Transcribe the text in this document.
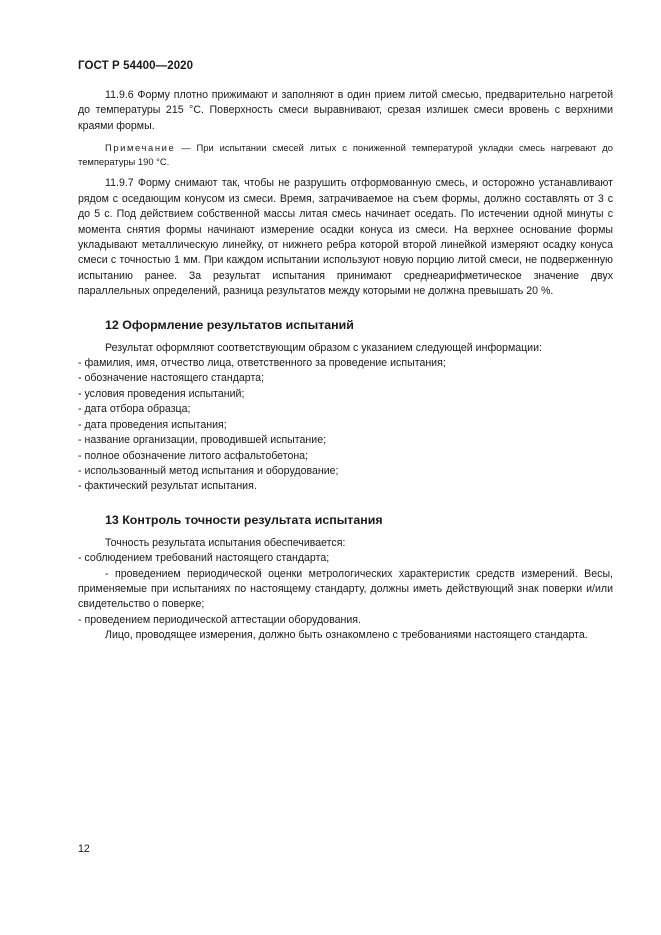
ГОСТ Р 54400—2020

11.9.6 Форму плотно прижимают и заполняют в один прием литой смесью, предварительно нагретой до температуры 215 °С. Поверхность смеси выравнивают, срезая излишек смеси вровень с верхними краями формы.

Примечание — При испытании смесей литых с пониженной температурой укладки смесь нагревают до температуры 190 °С.

11.9.7 Форму снимают так, чтобы не разрушить отформованную смесь, и осторожно устанавливают рядом с оседающим конусом из смеси. Время, затрачиваемое на съем формы, должно составлять от 3 с до 5 с. Под действием собственной массы литая смесь начинает оседать. По истечении одной минуты с момента снятия формы начинают измерение осадки конуса из смеси. На верхнее основание формы укладывают металлическую линейку, от нижнего ребра которой второй линейкой измеряют осадку конуса смеси с точностью 1 мм. При каждом испытании используют новую порцию литой смеси, не подверженную испытанию ранее. За результат испытания принимают среднеарифметическое значение двух параллельных определений, разница результатов между которыми не должна превышать 20 %.

12 Оформление результатов испытаний

Результат оформляют соответствующим образом с указанием следующей информации:

- фамилия, имя, отчество лица, ответственного за проведение испытания;

- обозначение настоящего стандарта;

- условия проведения испытаний;

- дата отбора образца;

- дата проведения испытания;

- название организации, проводившей испытание;

- полное обозначение литого асфальтобетона;

- использованный метод испытания и оборудование;

- фактический результат испытания.

13 Контроль точности результата испытания

Точность результата испытания обеспечивается:

- соблюдением требований настоящего стандарта;

- проведением периодической оценки метрологических характеристик средств измерений. Весы, применяемые при испытаниях по настоящему стандарту, должны иметь действующий знак поверки и/или свидетельство о поверке;

- проведением периодической аттестации оборудования.

Лицо, проводящее измерения, должно быть ознакомлено с требованиями настоящего стандарта.

12
